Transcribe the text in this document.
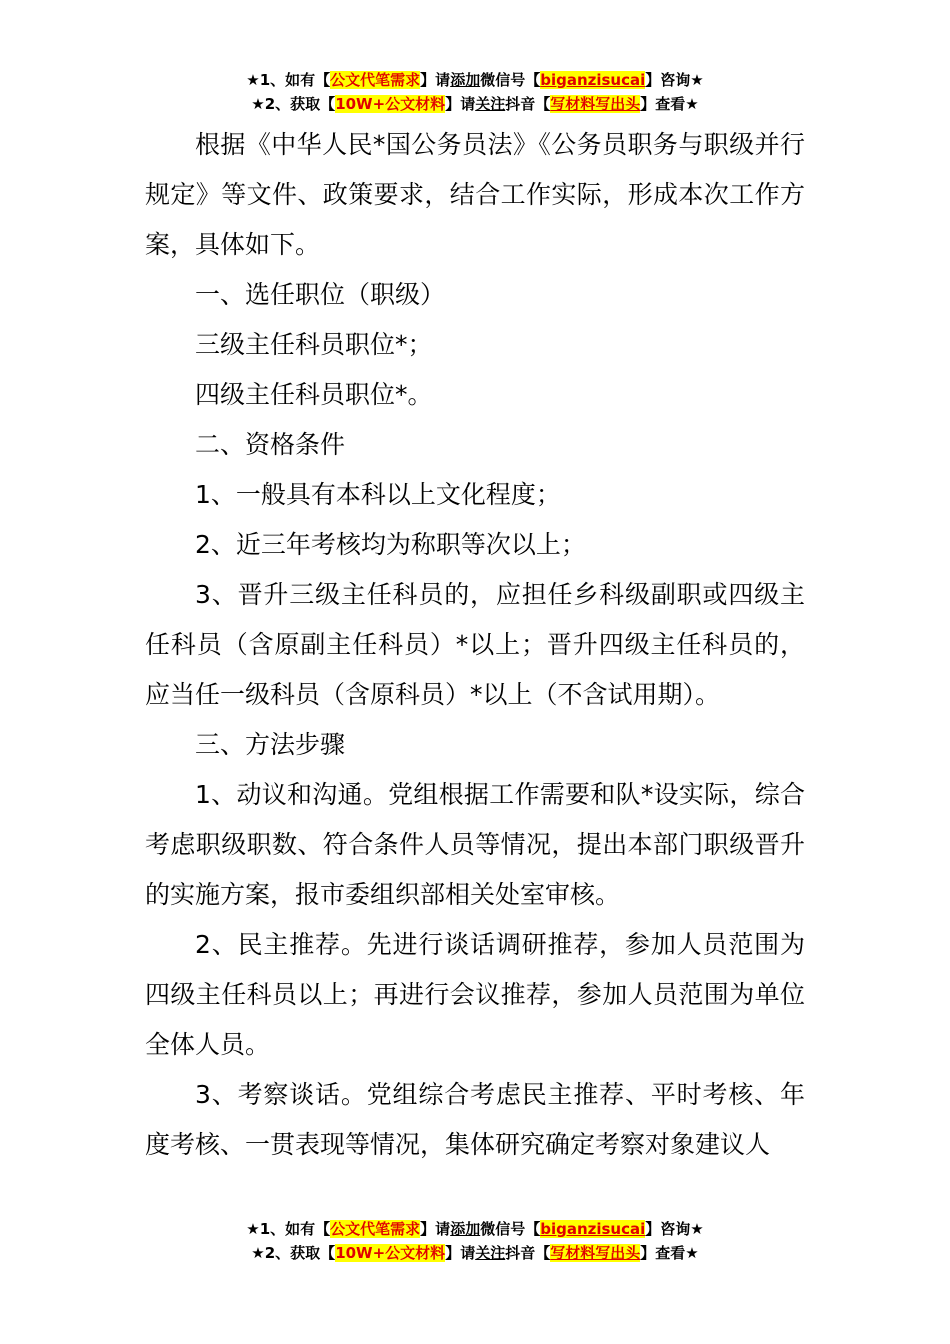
★1、如有【公文代笔需求】请添加微信号【biganzisucai】咨询★
★2、获取【10W+公文材料】请关注抖音【写材料写出头】查看★

根据《中华人民*国公务员法》《公务员职务与职级并行规定》等文件、政策要求，结合工作实际，形成本次工作方案，具体如下。

一、选任职位（职级）

三级主任科员职位*；

四级主任科员职位*。

二、资格条件

1、一般具有本科以上文化程度；

2、近三年考核均为称职等次以上；

3、晋升三级主任科员的，应担任乡科级副职或四级主任科员（含原副主任科员）*以上；晋升四级主任科员的，应当任一级科员（含原科员）*以上（不含试用期）。

三、方法步骤

1、动议和沟通。党组根据工作需要和队*设实际，综合考虑职级职数、符合条件人员等情况，提出本部门职级晋升的实施方案，报市委组织部相关处室审核。

2、民主推荐。先进行谈话调研推荐，参加人员范围为四级主任科员以上；再进行会议推荐，参加人员范围为单位全体人员。

3、考察谈话。党组综合考虑民主推荐、平时考核、年度考核、一贯表现等情况，集体研究确定考察对象建议人

★1、如有【公文代笔需求】请添加微信号【biganzisucai】咨询★
★2、获取【10W+公文材料】请关注抖音【写材料写出头】查看★
